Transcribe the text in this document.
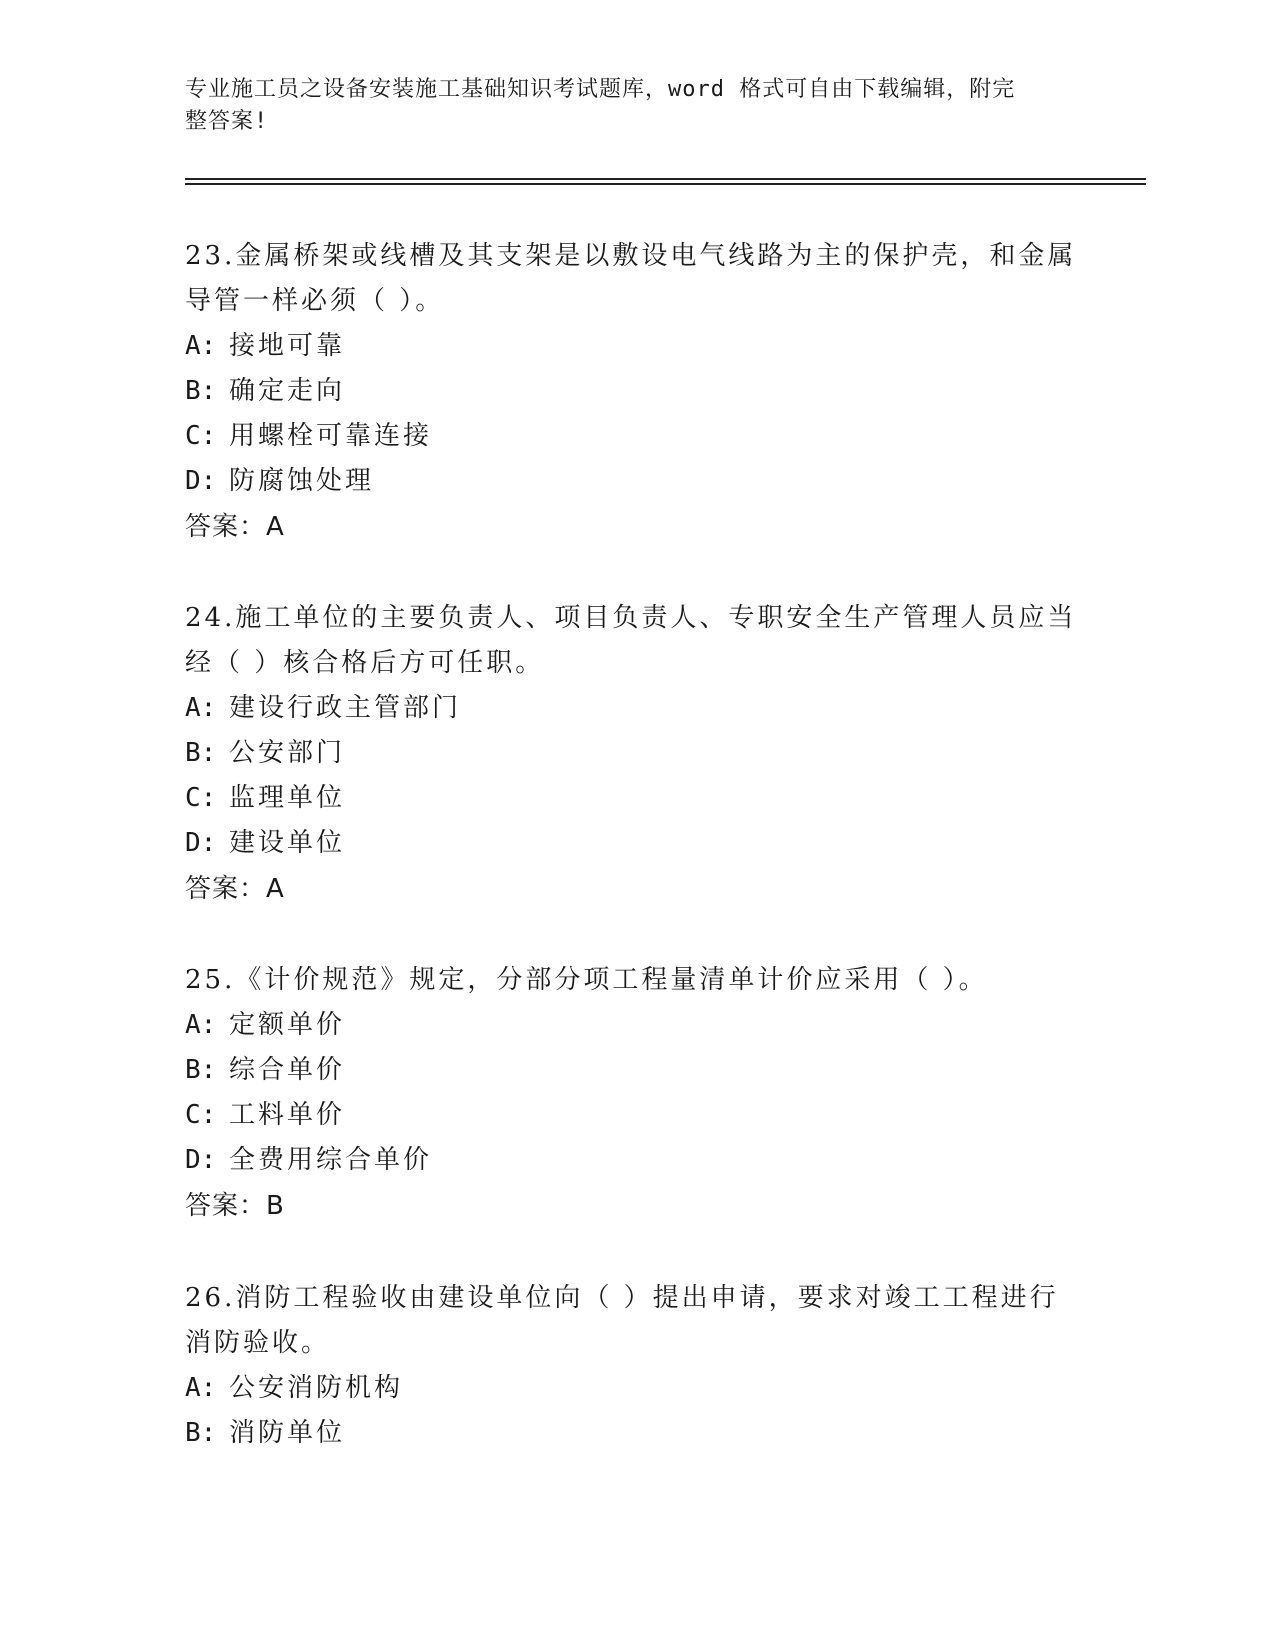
专业施工员之设备安装施工基础知识考试题库，word 格式可自由下载编辑，附完
整答案!
23.金属桥架或线槽及其支架是以敷设电气线路为主的保护壳，和金属导管一样必须（ ）。
A: 接地可靠
B: 确定走向
C: 用螺栓可靠连接
D: 防腐蚀处理
答案：A
24.施工单位的主要负责人、项目负责人、专职安全生产管理人员应当经（ ）核合格后方可任职。
A: 建设行政主管部门
B: 公安部门
C: 监理单位
D: 建设单位
答案：A
25.《计价规范》规定，分部分项工程量清单计价应采用（ ）。
A: 定额单价
B: 综合单价
C: 工料单价
D: 全费用综合单价
答案：B
26.消防工程验收由建设单位向（ ）提出申请，要求对竣工工程进行消防验收。
A: 公安消防机构
B: 消防单位
